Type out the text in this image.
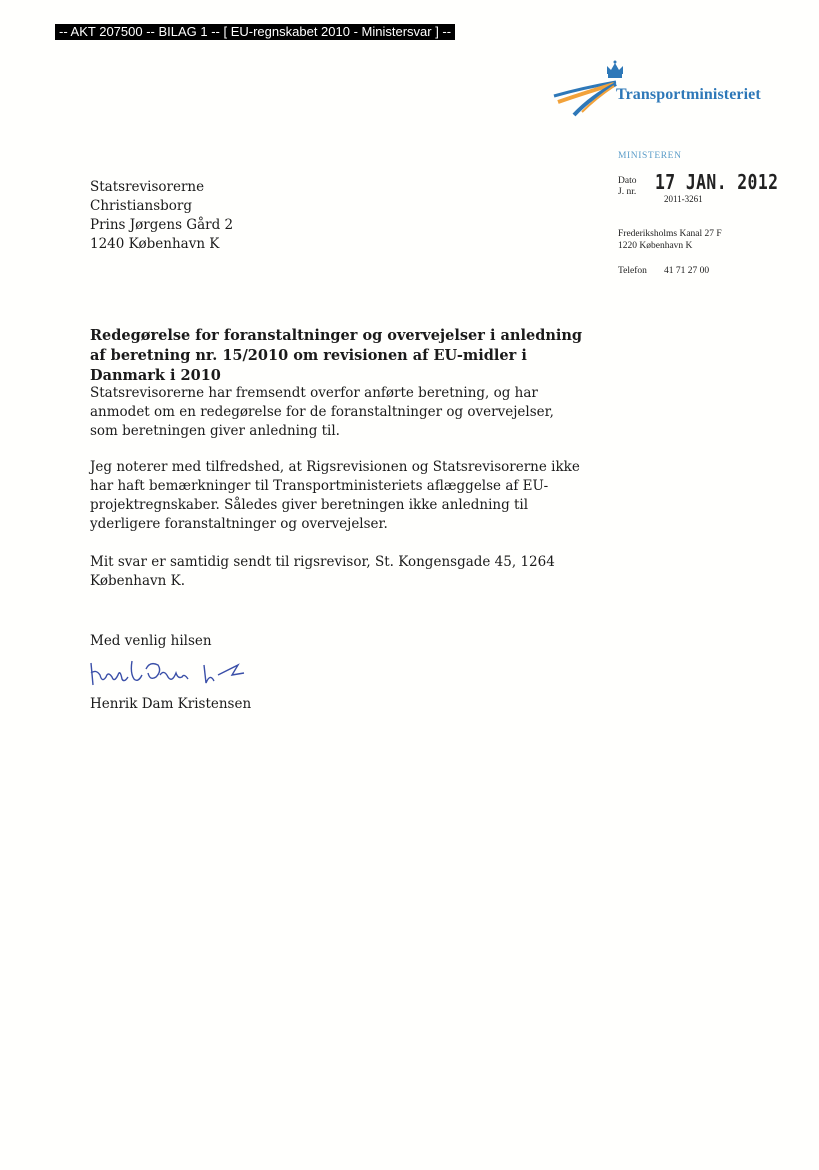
-- AKT 207500 -- BILAG 1 -- [ EU-regnskabet 2010 - Ministersvar ] --
Transportministeriet
MINISTEREN
Dato 17 JAN. 2012
J. nr.
2011-3261
Frederiksholms Kanal 27 F
1220 København K
Telefon 41 71 27 00
Statsrevisorerne
Christiansborg
Prins Jørgens Gård 2
1240 København K
Redegørelse for foranstaltninger og overvejelser i anledning af beretning nr. 15/2010 om revisionen af EU-midler i Danmark i 2010
Statsrevisorerne har fremsendt overfor anførte beretning, og har anmodet om en redegørelse for de foranstaltninger og overvejelser, som beretningen giver anledning til.
Jeg noterer med tilfredshed, at Rigsrevisionen og Statsrevisorerne ikke har haft bemærkninger til Transportministeriets aflæggelse af EU-projektregnskaber. Således giver beretningen ikke anledning til yderligere foranstaltninger og overvejelser.
Mit svar er samtidig sendt til rigsrevisor, St. Kongensgade 45, 1264 København K.
Med venlig hilsen
Henrik Dam Kristensen
